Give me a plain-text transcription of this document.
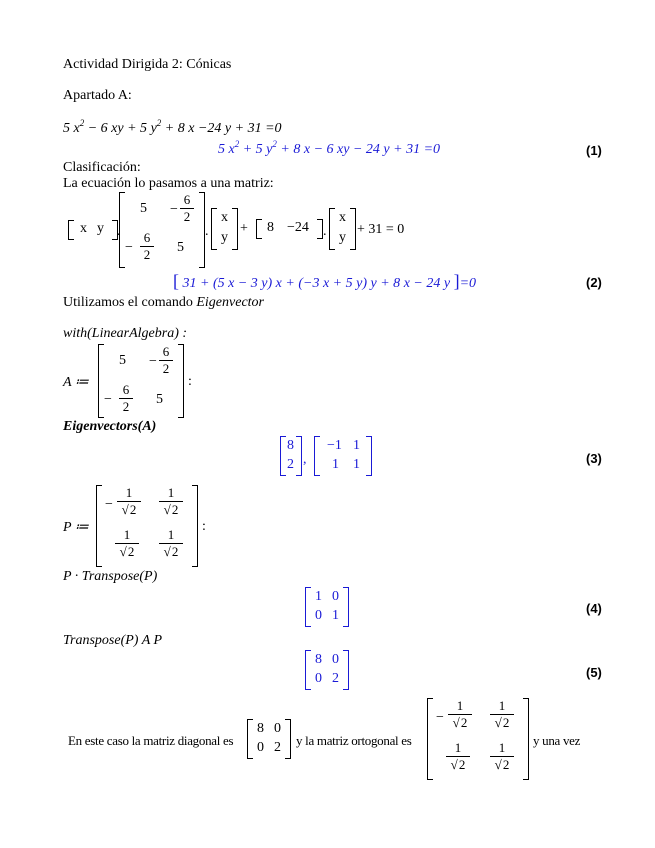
Actividad Dirigida 2: Cónicas
Apartado A:
5 $x^2 - 6$ xy + 5 $y^2 + 8$ x −24 y + 31 =0
5 $x^2 + 5$ $y^2 + 8$ x − 6 xy − 24 y + 31 =0	(1)
Clasificación:
La ecuación lo pasamos a una matriz:
x y .
$5 - \frac{6}{2}$
− $\frac{6}{2} 5$
.
x
y
+ 8 −24 .
x
y
+ 31 = 0
[ 31 + (5 x − 3 y) x + (−3 x + 5 y) y + 8 x − 24 y ]=0	(2)
Utilizamos el comando Eigenvector
with(LinearAlgebra) :
A ≔
$5 - \frac{6}{2}$
− $\frac{6}{2} 5$
:
Eigenvectors(A)
8
2 ,
−1 1
1 1	(3)
P ≔
− $\frac{1}{√2} \frac{1}{√2}$
$\frac{1}{√2} \frac{1}{√2}$
:
P · Transpose(P)
1 0
0 1	(4)
Transpose(P) A P
8 0
0 2	(5)
En este caso la matriz diagonal es
8 0
0 2 y la matriz ortogonal es
− $\frac{1}{√2} \frac{1}{√2}$
$\frac{1}{√2} \frac{1}{√2}$ y una vez
